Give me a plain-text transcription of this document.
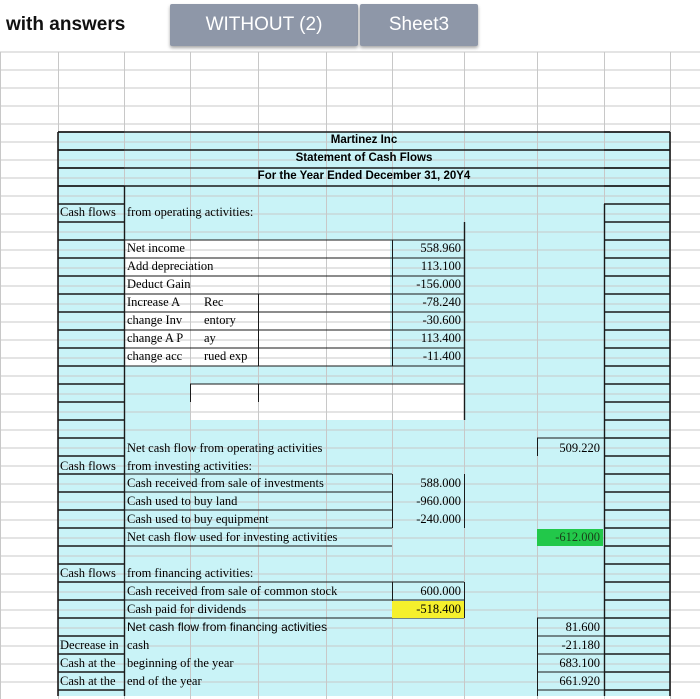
Martinez Inc
Statement of Cash Flows
For the Year Ended December 31, 20Y4
Cash flows from operating activities:
Net income	558.960
Add depreciation	113.100
Deduct Gain	-156.000
Increase A Rec	-78.240
change Inv entory	-30.600
change A P ay	113.400
change acc rued exp	-11.400
Net cash flow from operating activities	509.220
Cash flows from investing activities:
Cash received from sale of investments	588.000
Cash used to buy land	-960.000
Cash used to buy equipment	-240.000
Net cash flow used for investing activities	-612.000
Cash flows from financing activities:
Cash received from sale of common stock	600.000
Cash paid for dividends	-518.400
Net cash flow from financing activities	81.600
Decrease in cash	-21.180
Cash at the beginning of the year	683.100
Cash at the end of the year	661.920
with answers	WITHOUT (2)	Sheet3
